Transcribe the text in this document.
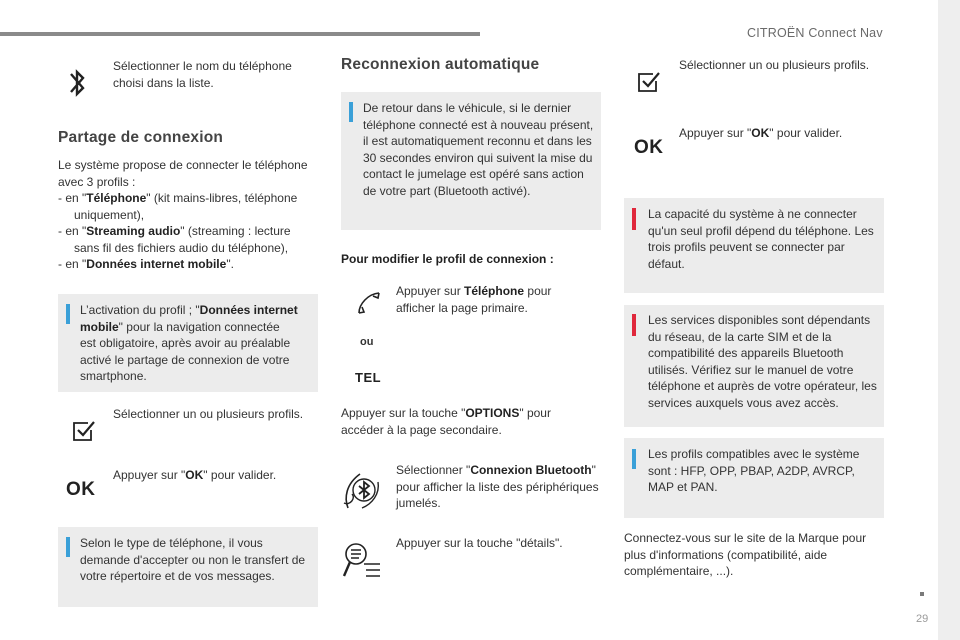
CITROËN Connect Nav
29
Sélectionner le nom du téléphone choisi dans la liste.
Partage de connexion
Le système propose de connecter le téléphone avec 3 profils :
- en "Téléphone" (kit mains-libres, téléphone
uniquement),
- en "Streaming audio" (streaming : lecture
sans fil des fichiers audio du téléphone),
- en "Données internet mobile".
L’activation du profil ; "Données internet
mobile" pour la navigation connectée
est obligatoire, après avoir au préalable
activé le partage de connexion de votre
smartphone.
Sélectionner un ou plusieurs profils.
OK
Appuyer sur "OK" pour valider.
Selon le type de téléphone, il vous demande d'accepter ou non le transfert de votre répertoire et de vos messages.
Reconnexion automatique
De retour dans le véhicule, si le dernier téléphone connecté est à nouveau présent, il est automatiquement reconnu et dans les 30 secondes environ qui suivent la mise du contact le jumelage est opéré sans action de votre part (Bluetooth activé).
Pour modifier le profil de connexion :
Appuyer sur Téléphone pour afficher la page primaire.
ou
TEL
Appuyer sur la touche "OPTIONS" pour accéder à la page secondaire.
Sélectionner "Connexion Bluetooth" pour afficher la liste des périphériques jumelés.
Appuyer sur la touche "détails".
Sélectionner un ou plusieurs profils.
OK
Appuyer sur "OK" pour valider.
La capacité du système à ne connecter qu'un seul profil dépend du téléphone. Les trois profils peuvent se connecter par défaut.
Les services disponibles sont dépendants du réseau, de la carte SIM et de la compatibilité des appareils Bluetooth utilisés. Vérifiez sur le manuel de votre téléphone et auprès de votre opérateur, les services auxquels vous avez accès.
Les profils compatibles avec le système sont : HFP, OPP, PBAP, A2DP, AVRCP, MAP et PAN.
Connectez-vous sur le site de la Marque pour plus d'informations (compatibilité, aide complémentaire, ...).
